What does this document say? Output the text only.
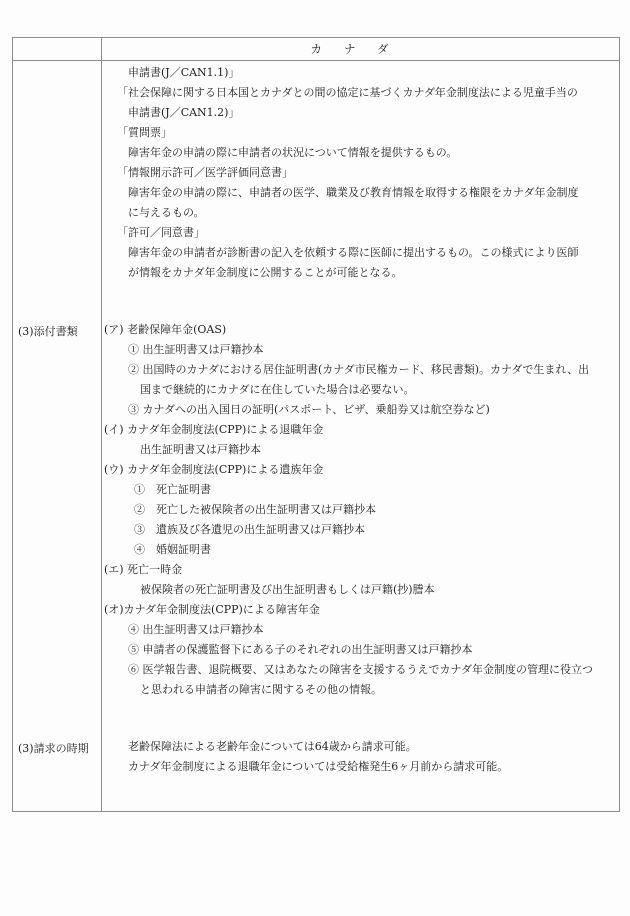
カナダ
申請書(J／CAN1.1)」
「社会保障に関する日本国とカナダとの間の協定に基づくカナダ年金制度法による児童手当の
申請書(J／CAN1.2)」
「質問票」
障害年金の申請の際に申請者の状況について情報を提供するもの。
「情報開示許可／医学評価同意書」
障害年金の申請の際に、申請者の医学、職業及び教育情報を取得する権限をカナダ年金制度
に与えるもの。
「許可／同意書」
障害年金の申請者が診断書の記入を依頼する際に医師に提出するもの。この様式により医師
が情報をカナダ年金制度に公開することが可能となる。
(3)添付書類 (ア) 老齢保障年金(OAS)
① 出生証明書又は戸籍抄本
② 出国時のカナダにおける居住証明書(カナダ市民権カード、移民書類)。カナダで生まれ、出
国まで継続的にカナダに在住していた場合は必要ない。
③ カナダへの出入国日の証明(パスポート、ビザ、乗船券又は航空券など)
(イ) カナダ年金制度法(CPP)による退職年金
出生証明書又は戸籍抄本
(ウ) カナダ年金制度法(CPP)による遺族年金
①　死亡証明書
②　死亡した被保険者の出生証明書又は戸籍抄本
③　遺族及び各遺児の出生証明書又は戸籍抄本
④　婚姻証明書
(エ) 死亡一時金
被保険者の死亡証明書及び出生証明書もしくは戸籍(抄)謄本
(オ)カナダ年金制度法(CPP)による障害年金
④ 出生証明書又は戸籍抄本
⑤ 申請者の保護監督下にある子のそれぞれの出生証明書又は戸籍抄本
⑥ 医学報告書、退院概要、又はあなたの障害を支援するうえでカナダ年金制度の管理に役立つ
と思われる申請者の障害に関するその他の情報。
(3)請求の時期	老齢保障法による老齢年金については64歳から請求可能。
カナダ年金制度による退職年金については受給権発生6ヶ月前から請求可能。
